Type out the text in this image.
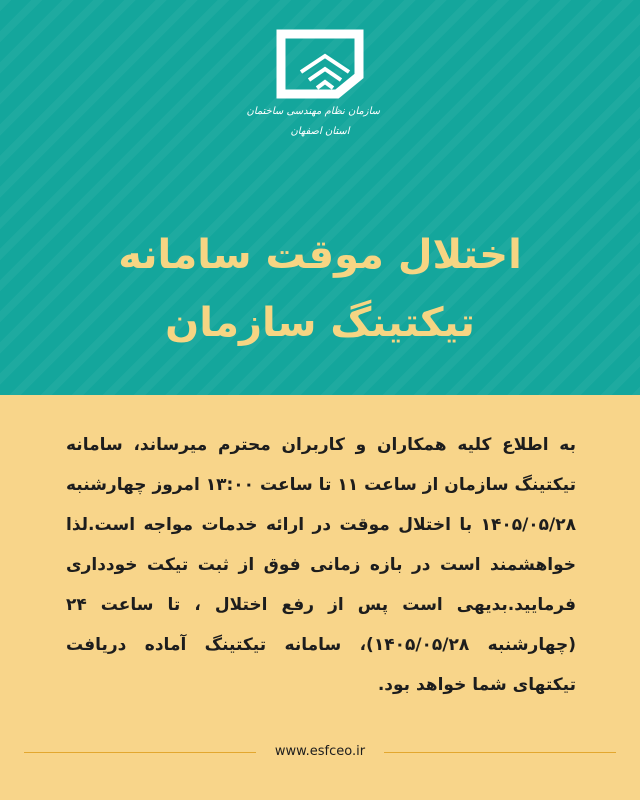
سازمان نظام مهندسی ساختمان
استان اصفهان
اختلال موقت سامانه
تیکتینگ سازمان
به اطلاع کلیه همکاران و کاربران محترم میرساند، سامانه تیکتینگ سازمان از ساعت ۱۱ تا ساعت ۱۳:۰۰ امروز چهارشنبه ۱۴۰۵/۰۵/۲۸ با اختلال موقت در ارائه خدمات مواجه است.لذا خواهشمند است در بازه زمانی فوق از ثبت تیکت خودداری فرمایید.بدیهی است پس از رفع اختلال ، تا ساعت ۲۴ (چهارشنبه ۱۴۰۵/۰۵/۲۸)، سامانه تیکتینگ آماده دریافت تیکتهای شما خواهد بود.
www.esfceo.ir
